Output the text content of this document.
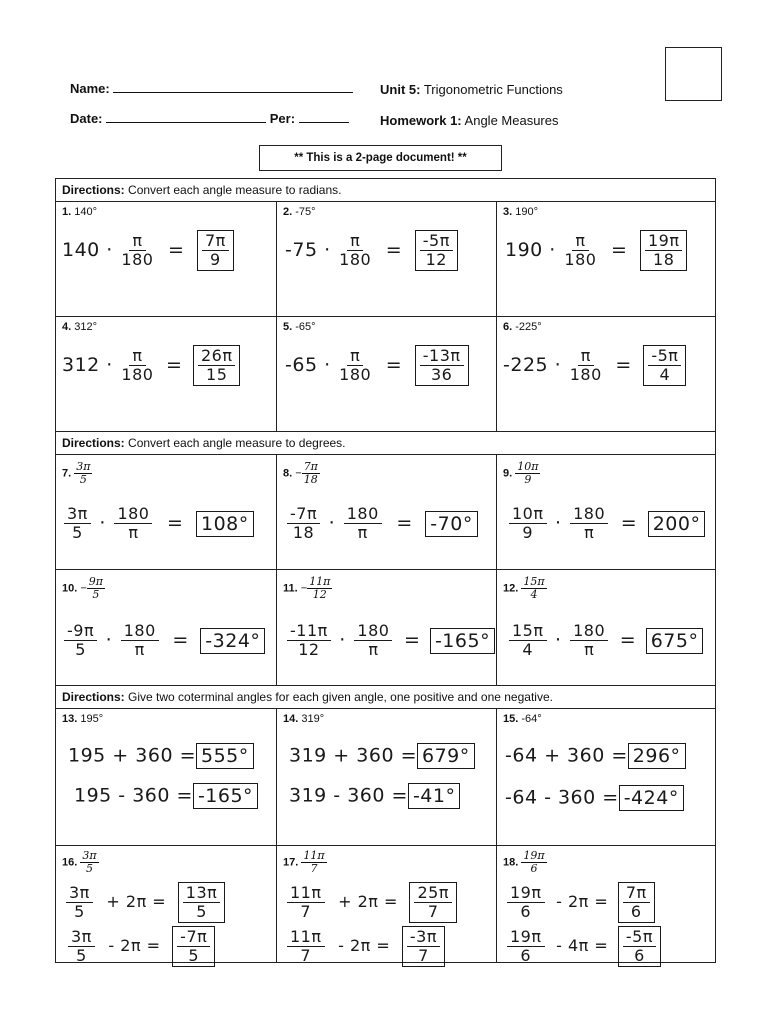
Name:
Date:	Per:
Unit 5: Trigonometric Functions
Homework 1: Angle Measures
** This is a 2-page document! **
Directions: Convert each angle measure to radians.
1. 140°
$140 \cdot \frac{\pi}{180} = \frac{7\pi}{9}$
2. -75°
$-75 \cdot \frac{\pi}{180} = \frac{-5\pi}{12}$
3. 190°
$190 \cdot \frac{\pi}{180} = \frac{19\pi}{18}$
4. 312°
$312 \cdot \frac{\pi}{180} = \frac{26\pi}{15}$
5. -65°
$-65 \cdot \frac{\pi}{180} = \frac{-13\pi}{36}$
6. -225°
$-225 \cdot \frac{\pi}{180} = \frac{-5\pi}{4}$
Directions: Convert each angle measure to degrees.
7. $\frac{3\pi}{5}$
$\frac{3\pi}{5} \cdot \frac{180}{\pi} = 108^\circ$
8. − $\frac{7\pi}{18}$
$\frac{-7\pi}{18} \cdot \frac{180}{\pi} = -70^\circ$
9. $\frac{10\pi}{9}$
$\frac{10\pi}{9} \cdot \frac{180}{\pi} = 200^\circ$
10. − $\frac{9\pi}{5}$
$\frac{-9\pi}{5} \cdot \frac{180}{\pi} = -324^\circ$
11. − $\frac{11\pi}{12}$
$\frac{-11\pi}{12} \cdot \frac{180}{\pi} = -165^\circ$
12. $\frac{15\pi}{4}$
$\frac{15\pi}{4} \cdot \frac{180}{\pi} = 675^\circ$
Directions: Give two coterminal angles for each given angle, one positive and one negative.
13. 195°
195 + 360 = 555°
195 - 360 = -165°
14. 319°
319 + 360 = 679°
319 - 360 = -41°
15. -64°
-64 + 360 = 296°
-64 - 360 = -424°
16. $\frac{3\pi}{5}$
$\frac{3\pi}{5} + 2\pi = \frac{13\pi}{5}$
$\frac{3\pi}{5} - 2\pi = \frac{-7\pi}{5}$
17. $\frac{11\pi}{7}$
$\frac{11\pi}{7} + 2\pi = \frac{25\pi}{7}$
$\frac{11\pi}{7} - 2\pi = \frac{-3\pi}{7}$
18. $\frac{19\pi}{6}$
$\frac{19\pi}{6} - 2\pi = \frac{7\pi}{6}$
$\frac{19\pi}{6} - 4\pi = \frac{-5\pi}{6}$
